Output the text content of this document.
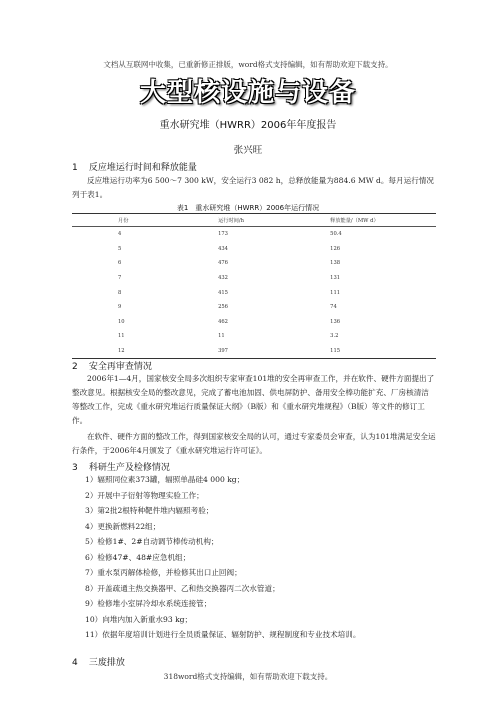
文档从互联网中收集，已重新修正排版，word格式支持编辑，如有帮助欢迎下载支持。
大型核设施与设备
重水研究堆（HWRR）2006年年度报告
张兴旺
1 反应堆运行时间和释放能量
反应堆运行功率为6 500～7 300 kW，安全运行3 082 h，总释放能量为884.6 MW d。每月运行情况列于表1。
表1　重水研究堆（HWRR）2006年运行情况
月份	运行时间/h	释放能量/（MW d）
4	173	50.4
5	434	126
6	476	138
7	432	131
8	415	111
9	256	74
10	462	136
11	11	3.2
12	397	115
2 安全再审查情况
2006年1—4月，国家核安全局多次组织专家审查101堆的安全再审查工作，并在软件、硬件方面提出了整改意见。根据核安全局的整改意见，完成了蓄电池加固、供电屏防护、备用安全棒功能扩充、厂房核清洁等整改工作，完成《重水研究堆运行质量保证大纲》（B版）和《重水研究堆规程》（B版）等文件的修订工作。
在软件、硬件方面的整改工作，得到国家核安全局的认可，通过专家委员会审查，认为101堆满足安全运行条件，于2006年4月颁发了《重水研究堆运行许可证》。
3 科研生产及检修情况
1）辐照同位素373罐，辐照单晶硅4 000 kg；
2）开展中子衍射等物理实验工作；
3）第2批2根特种靶件堆内辐照考验；
4）更换新燃料22组；
5）检修1#、2#自动调节棒传动机构；
6）检修47#、48#应急机组；
7）重水泵丙解体检修，并检修其出口止回阀；
8）开盖疏通主热交换器甲、乙和热交换器丙二次水管道；
9）检修堆小室屏冷却水系统连接管；
10）向堆内加入新重水93 kg；
11）依据年度培训计划进行全员质量保证、辐射防护、规程制度和专业技术培训。
4 三废排放
318word格式支持编辑，如有帮助欢迎下载支持。
